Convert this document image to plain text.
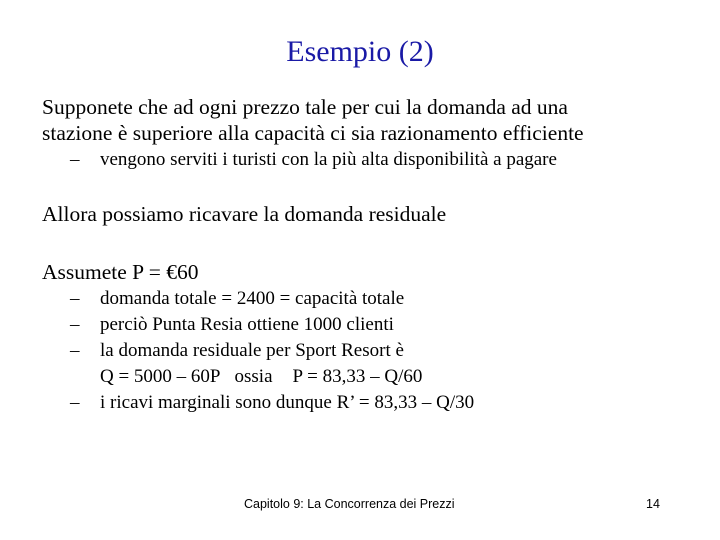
Esempio (2)
Supponete che ad ogni prezzo tale per cui la domanda ad una
stazione è superiore alla capacità ci sia razionamento efficiente
–	vengono serviti i turisti con la più alta disponibilità a pagare
Allora possiamo ricavare la domanda residuale
Assumete P = €60
–	domanda totale = 2400 = capacità totale
–	perciò Punta Resia ottiene 1000 clienti
–	la domanda residuale per Sport Resort è
Q = 5000 – 60P ossia P = 83,33 – Q/60
–	i ricavi marginali sono dunque R’ = 83,33 – Q/30
Capitolo 9: La Concorrenza dei Prezzi	14
